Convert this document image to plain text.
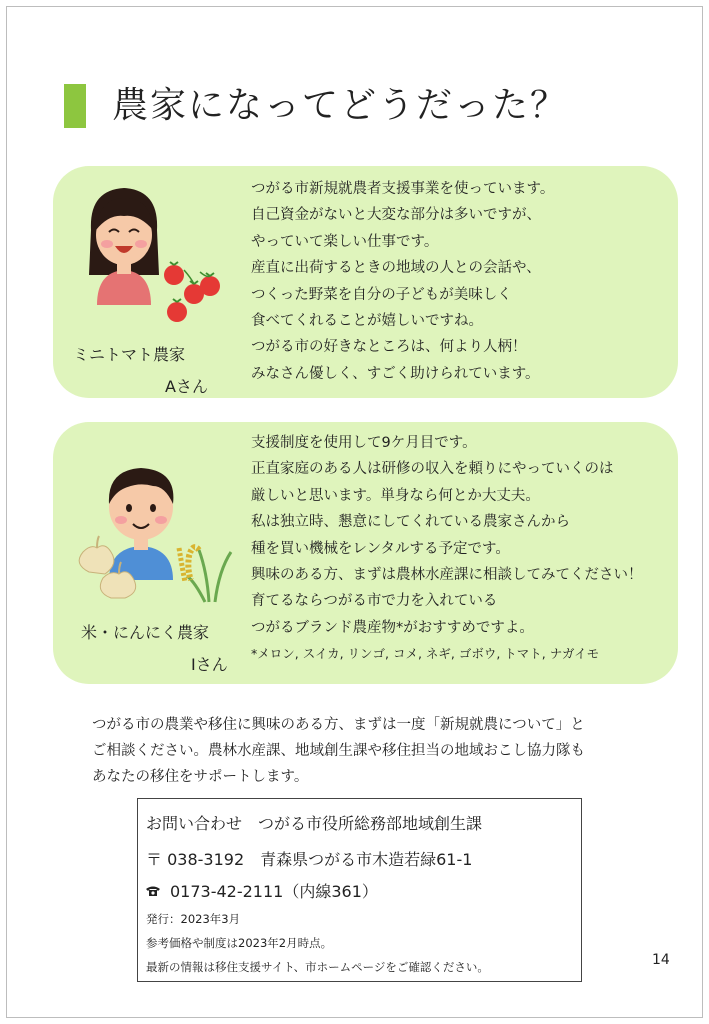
農家になってどうだった？
ミニトマト農家
Aさん
つがる市新規就農者支援事業を使っています。
自己資金がないと大変な部分は多いですが、
やっていて楽しい仕事です。
産直に出荷するときの地域の人との会話や、
つくった野菜を自分の子どもが美味しく
食べてくれることが嬉しいですね。
つがる市の好きなところは、何より人柄！
みなさん優しく、すごく助けられています。
米・にんにく農家
Iさん
支援制度を使用して9ケ月目です。
正直家庭のある人は研修の収入を頼りにやっていくのは
厳しいと思います。単身なら何とか大丈夫。
私は独立時、懇意にしてくれている農家さんから
種を買い機械をレンタルする予定です。
興味のある方、まずは農林水産課に相談してみてください！
育てるならつがる市で力を入れている
つがるブランド農産物*がおすすめですよ。
*メロン, スイカ, リンゴ, コメ, ネギ, ゴボウ, トマト, ナガイモ
つがる市の農業や移住に興味のある方、まずは一度「新規就農について」と
ご相談ください。農林水産課、地域創生課や移住担当の地域おこし協力隊も
あなたの移住をサポートします。
お問い合わせ　つがる市役所総務部地域創生課
〒 038-3192　青森県つがる市木造若緑61-1
0173-42-2111（内線361）
発行：2023年3月
参考価格や制度は2023年2月時点。
最新の情報は移住支援サイト、市ホームページをご確認ください。	14
